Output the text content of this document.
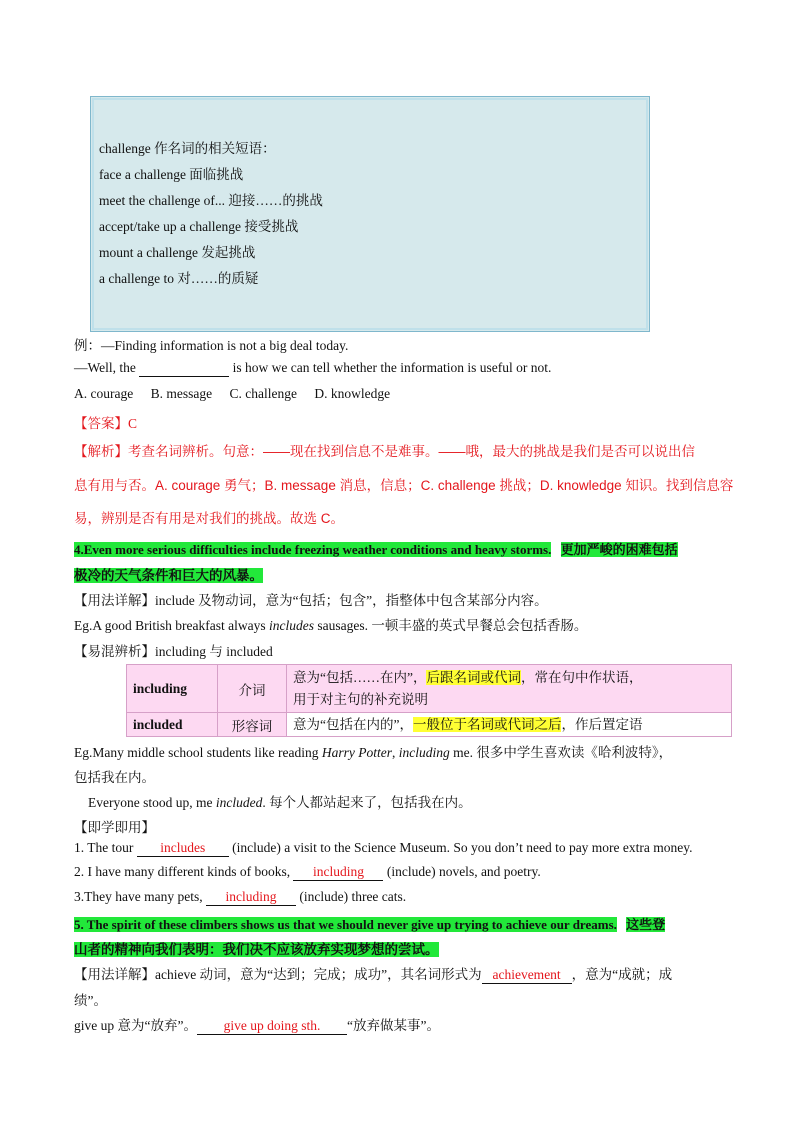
challenge 作名词的相关短语：
face a challenge 面临挑战
meet the challenge of... 迎接……的挑战
accept/take up a challenge 接受挑战
mount a challenge 发起挑战
a challenge to 对……的质疑
例：—Finding information is not a big deal today.
—Well, the	is how we can tell whether the information is useful or not.
A. courage B. message C. challenge D. knowledge
【答案】C
【解析】考查名词辨析。句意：——现在找到信息不是难事。——哦，最大的挑战是我们是否可以说出信
息有用与否。A. courage 勇气；B. message 消息，信息；C. challenge 挑战；D. knowledge 知识。找到信息容
易，辨别是否有用是对我们的挑战。故选 C。
4.Even more serious difficulties include freezing weather conditions and heavy storms. 更加严峻的困难包括
极冷的天气条件和巨大的风暴。
【用法详解】include 及物动词，意为“包括；包含”，指整体中包含某部分内容。
Eg.A good British breakfast always includes sausages. 一顿丰盛的英式早餐总会包括香肠。
【易混辨析】including 与 included
including	介词	意为“包括……在内”，后跟名词或代词，常在句中作状语，
用于对主句的补充说明
included	形容词	意为“包括在内的”，一般位于名词或代词之后，作后置定语
Eg.Many middle school students like reading Harry Potter, including me. 很多中学生喜欢读《哈利波特》，
包括我在内。
Everyone stood up, me included. 每个人都站起来了，包括我在内。
【即学即用】
1. The tour includes (include) a visit to the Science Museum. So you don’t need to pay more extra money.
2. I have many different kinds of books, including (include) novels, and poetry.
3.They have many pets, including (include) three cats.
5. The spirit of these climbers shows us that we should never give up trying to achieve our dreams. 这些登
山者的精神向我们表明：我们决不应该放弃实现梦想的尝试。
【用法详解】achieve 动词，意为“达到；完成；成功”，其名词形式为 achievement ，意为“成就；成
绩”。
give up 意为“放弃”。 give up doing sth. “放弃做某事”。
